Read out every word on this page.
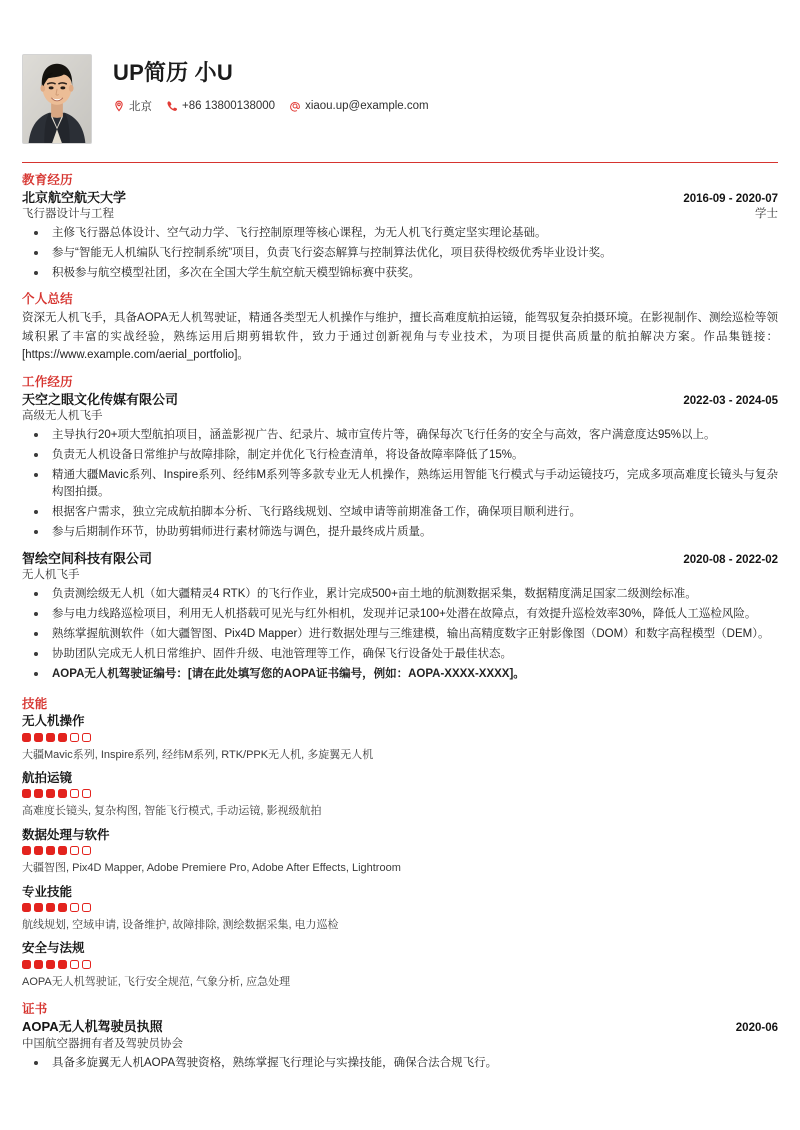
UP简历 小U
北京	+86 13800138000	xiaou.up@example.com
教育经历
北京航空航天大学	2016-09 - 2020-07
飞行器设计与工程	学士
主修飞行器总体设计、空气动力学、飞行控制原理等核心课程，为无人机飞行奠定坚实理论基础。
参与“智能无人机编队飞行控制系统”项目，负责飞行姿态解算与控制算法优化，项目获得校级优秀毕业设计奖。
积极参与航空模型社团，多次在全国大学生航空航天模型锦标赛中获奖。
个人总结

资深无人机飞手，具备AOPA无人机驾驶证，精通各类型无人机操作与维护，擅长高难度航拍运镜，能驾驭复杂拍摄环境。在影视制作、测绘巡检等领域积累了丰富的实战经验，熟练运用后期剪辑软件，致力于通过创新视角与专业技术，为项目提供高质量的航拍解决方案。作品集链接：[https://www.example.com/aerial_portfolio]。

工作经历
天空之眼文化传媒有限公司	2022-03 - 2024-05
高级无人机飞手
主导执行20+项大型航拍项目，涵盖影视广告、纪录片、城市宣传片等，确保每次飞行任务的安全与高效，客户满意度达95%以上。
负责无人机设备日常维护与故障排除，制定并优化飞行检查清单，将设备故障率降低了15%。
精通大疆Mavic系列、Inspire系列、经纬M系列等多款专业无人机操作，熟练运用智能飞行模式与手动运镜技巧，完成多项高难度长镜头与复杂构图拍摄。
根据客户需求，独立完成航拍脚本分析、飞行路线规划、空域申请等前期准备工作，确保项目顺利进行。
参与后期制作环节，协助剪辑师进行素材筛选与调色，提升最终成片质量。
智绘空间科技有限公司	2020-08 - 2022-02
无人机飞手
负责测绘级无人机（如大疆精灵4 RTK）的飞行作业，累计完成500+亩土地的航测数据采集，数据精度满足国家二级测绘标准。
参与电力线路巡检项目，利用无人机搭载可见光与红外相机，发现并记录100+处潜在故障点，有效提升巡检效率30%，降低人工巡检风险。
熟练掌握航测软件（如大疆智图、Pix4D Mapper）进行数据处理与三维建模，输出高精度数字正射影像图（DOM）和数字高程模型（DEM）。
协助团队完成无人机日常维护、固件升级、电池管理等工作，确保飞行设备处于最佳状态。
AOPA无人机驾驶证编号：[请在此处填写您的AOPA证书编号，例如：AOPA-XXXX-XXXX]。
技能
无人机操作
大疆Mavic系列, Inspire系列, 经纬M系列, RTK/PPK无人机, 多旋翼无人机
航拍运镜
高难度长镜头, 复杂构图, 智能飞行模式, 手动运镜, 影视级航拍
数据处理与软件
大疆智图, Pix4D Mapper, Adobe Premiere Pro, Adobe After Effects, Lightroom
专业技能
航线规划, 空域申请, 设备维护, 故障排除, 测绘数据采集, 电力巡检
安全与法规
AOPA无人机驾驶证, 飞行安全规范, 气象分析, 应急处理
证书
AOPA无人机驾驶员执照	2020-06
中国航空器拥有者及驾驶员协会
具备多旋翼无人机AOPA驾驶资格，熟练掌握飞行理论与实操技能，确保合法合规飞行。
